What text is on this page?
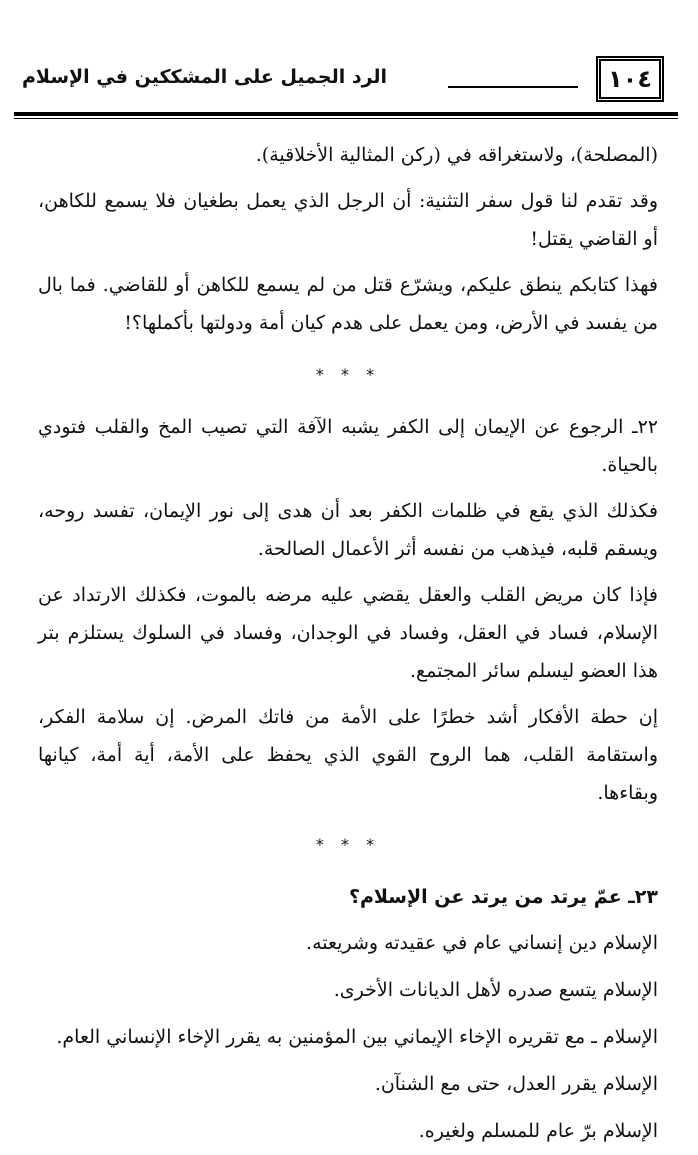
١٠٤
الرد الجميل على المشككين في الإسلام

(المصلحة)، ولاستغراقه في (ركن المثالية الأخلاقية).

وقد تقدم لنا قول سفر التثنية: أن الرجل الذي يعمل بطغيان فلا يسمع للكاهن، أو القاضي يقتل!

فهذا كتابكم ينطق عليكم، ويشرّع قتل من لم يسمع للكاهن أو للقاضي. فما بال من يفسد في الأرض، ومن يعمل على هدم كيان أمة ودولتها بأكملها؟!

* * *

٢٢ـ الرجوع عن الإيمان إلى الكفر يشبه الآفة التي تصيب المخ والقلب فتودي بالحياة.

فكذلك الذي يقع في ظلمات الكفر بعد أن هدى إلى نور الإيمان، تفسد روحه، ويسقم قلبه، فيذهب من نفسه أثر الأعمال الصالحة.

فإذا كان مريض القلب والعقل يقضي عليه مرضه بالموت، فكذلك الارتداد عن الإسلام، فساد في العقل، وفساد في الوجدان، وفساد في السلوك يستلزم بتر هذا العضو ليسلم سائر المجتمع.

إن حطة الأفكار أشد خطرًا على الأمة من فاتك المرض. إن سلامة الفكر، واستقامة القلب، هما الروح القوي الذي يحفظ على الأمة، أية أمة، كيانها وبقاءها.

* * *
٢٣ـ عمّ يرتد من يرتد عن الإسلام؟

الإسلام دين إنساني عام في عقيدته وشريعته.

الإسلام يتسع صدره لأهل الديانات الأخرى.

الإسلام ـ مع تقريره الإخاء الإيماني بين المؤمنين به يقرر الإخاء الإنساني العام.

الإسلام يقرر العدل، حتى مع الشنآن.

الإسلام برّ عام للمسلم ولغيره.
